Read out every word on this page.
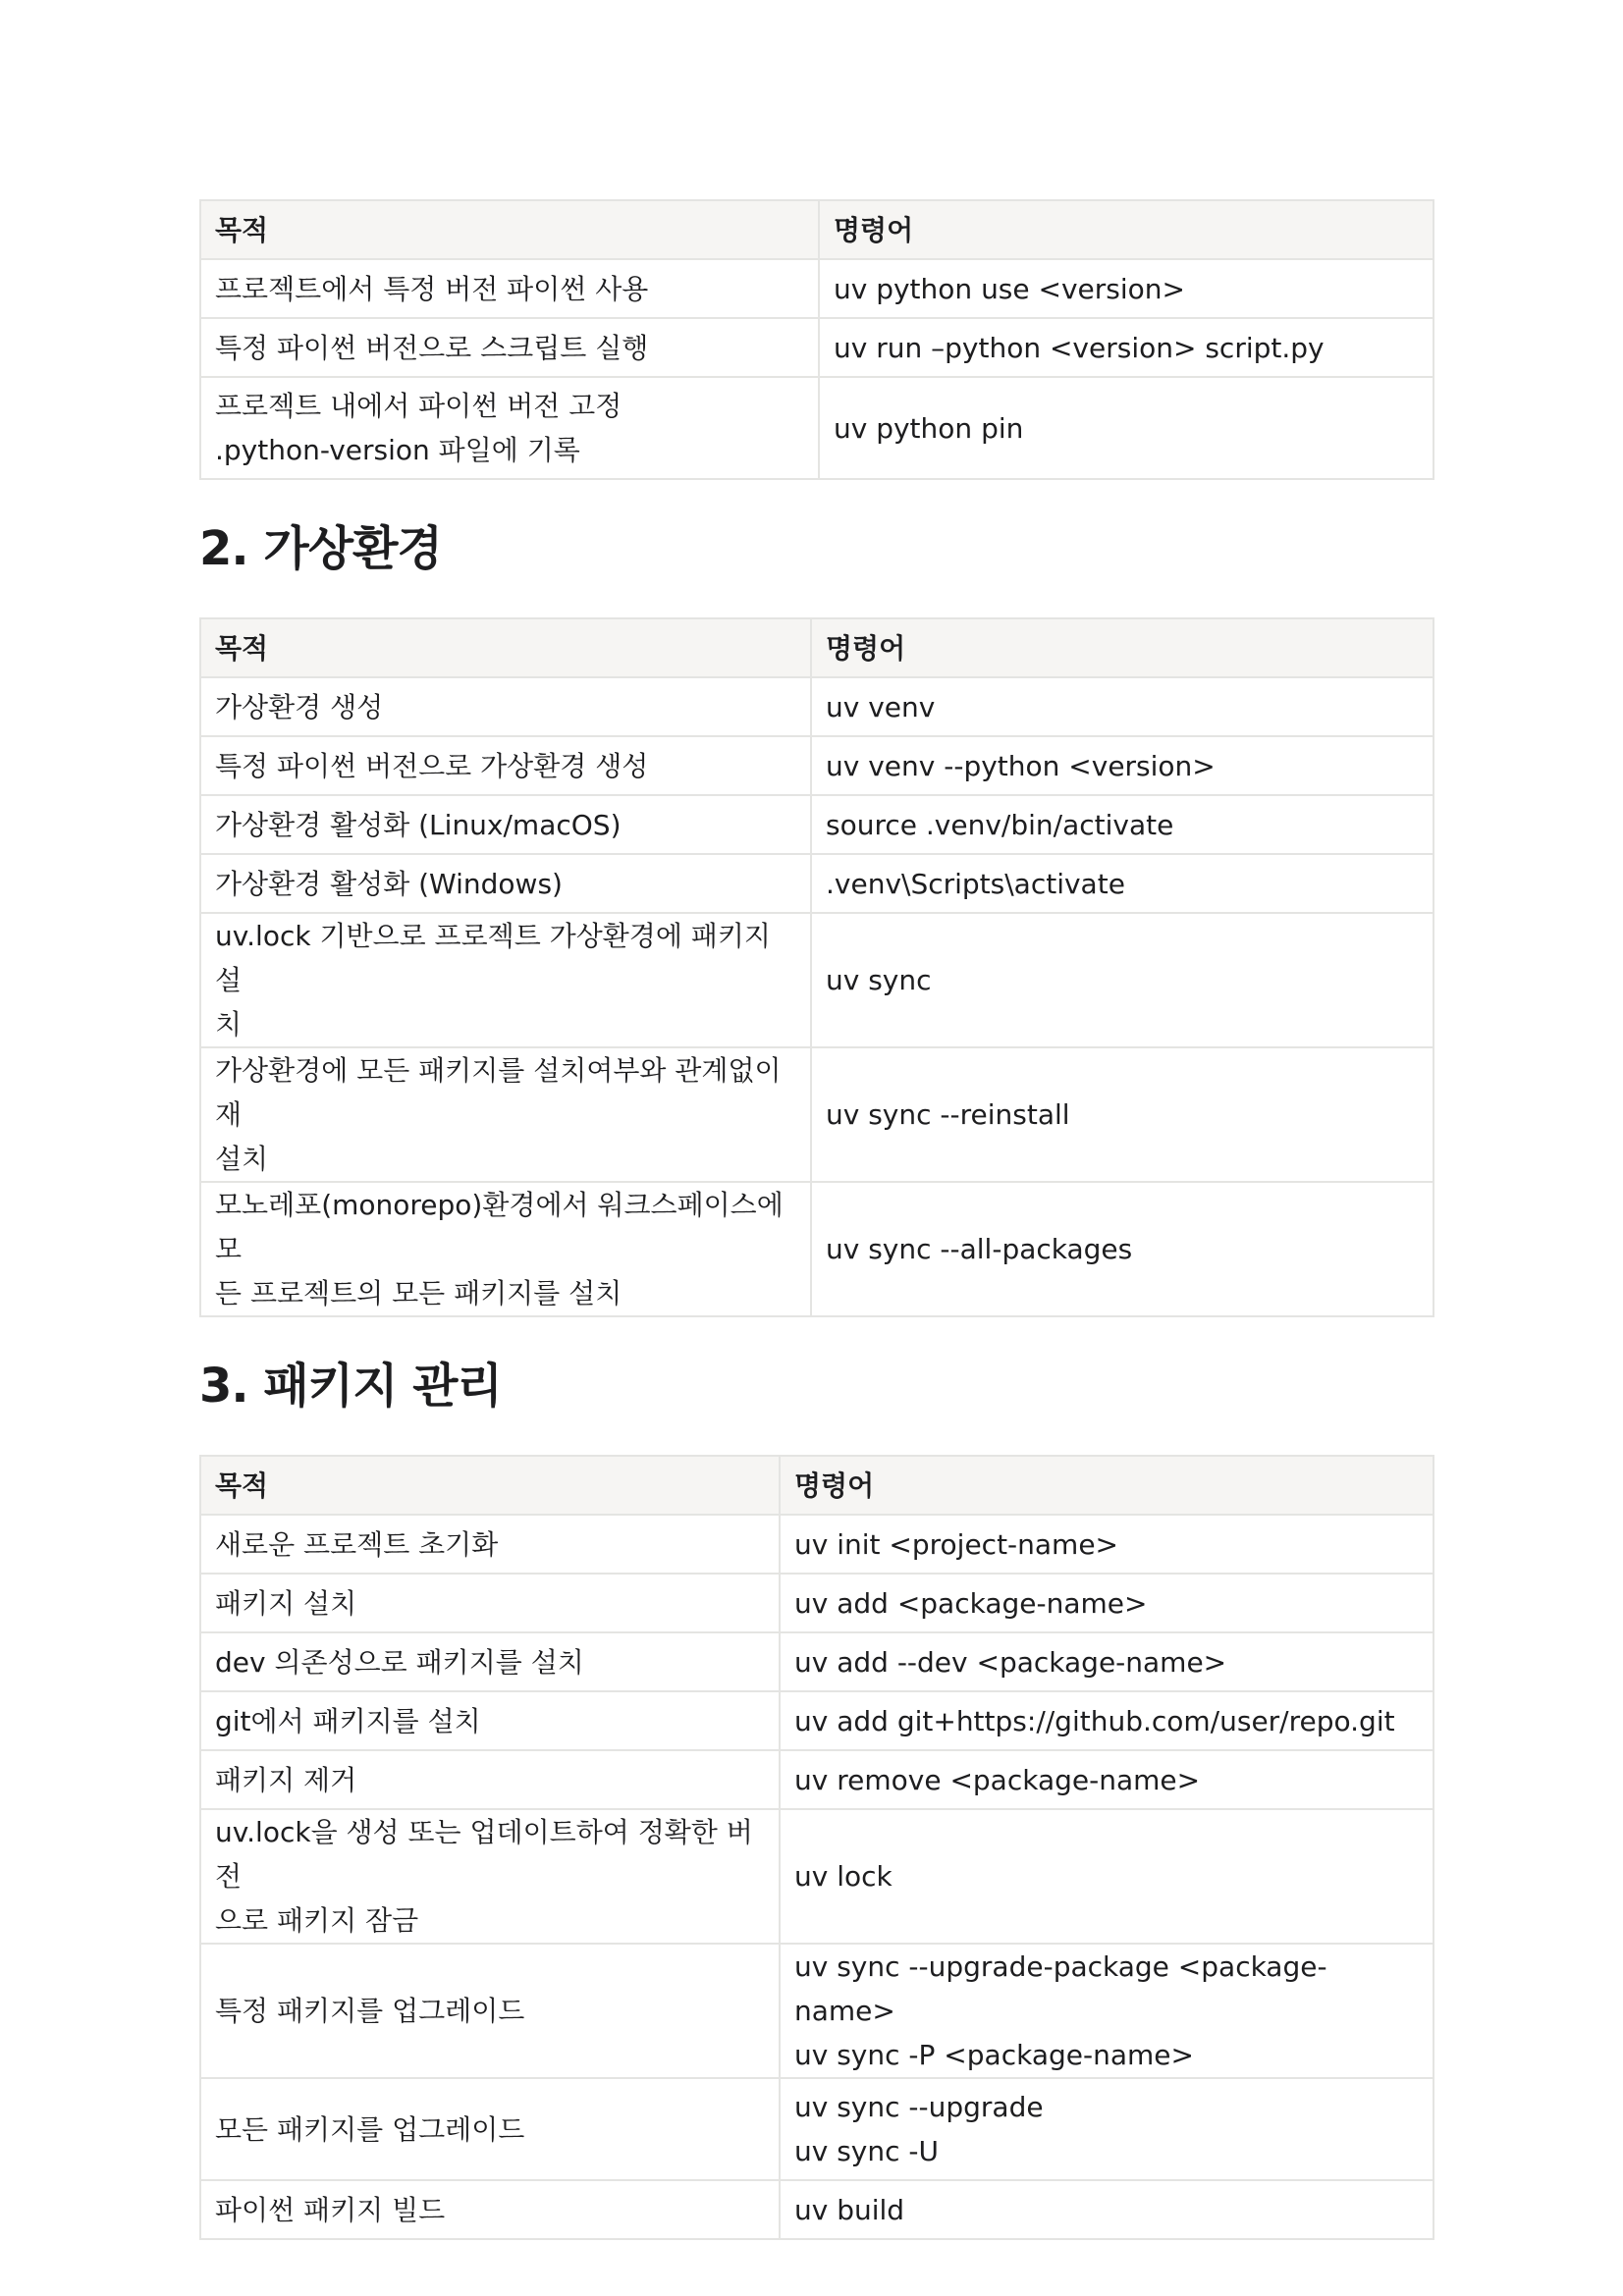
목적	명령어

프로젝트에서 특정 버전 파이썬 사용	uv python use <version>

특정 파이썬 버전으로 스크립트 실행	uv run –python <version> script.py

프로젝트 내에서 파이썬 버전 고정
.python-version 파일에 기록	uv python pin
2. 가상환경
목적	명령어

가상환경 생성	uv venv

특정 파이썬 버전으로 가상환경 생성	uv venv --python <version>

가상환경 활성화 (Linux/macOS)	source .venv/bin/activate

가상환경 활성화 (Windows)	.venv\Scripts\activate

uv.lock 기반으로 프로젝트 가상환경에 패키지 설
치	uv sync

가상환경에 모든 패키지를 설치여부와 관계없이 재
설치	uv sync --reinstall

모노레포(monorepo)환경에서 워크스페이스에 모
든 프로젝트의 모든 패키지를 설치	uv sync --all-packages
3. 패키지 관리
목적	명령어

새로운 프로젝트 초기화	uv init <project-name>

패키지 설치	uv add <package-name>

dev 의존성으로 패키지를 설치	uv add --dev <package-name>

git에서 패키지를 설치	uv add git+https://github.com/user/repo.git

패키지 제거	uv remove <package-name>

uv.lock을 생성 또는 업데이트하여 정확한 버전
으로 패키지 잠금	uv lock

특정 패키지를 업그레이드	uv sync --upgrade-package <package-name>
uv sync -P <package-name>

모든 패키지를 업그레이드	uv sync --upgrade
uv sync -U

파이썬 패키지 빌드	uv build
